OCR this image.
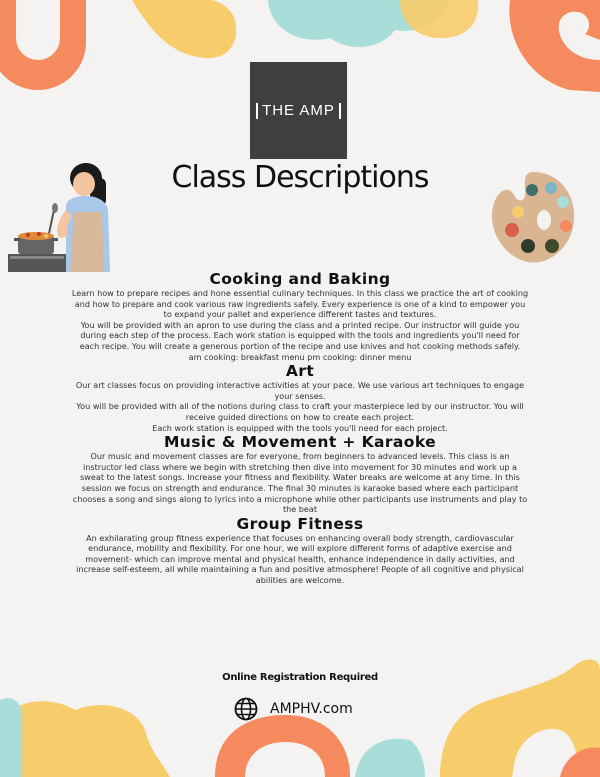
THE AMP
Class Descriptions
Cooking and Baking

Learn how to prepare recipes and hone essential culinary techniques. In this class we practice the art of cooking and how to prepare and cook various raw ingredients safely. Every experience is one of a kind to empower you to expand your pallet and experience different tastes and textures.

You will be provided with an apron to use during the class and a printed recipe. Our instructor will guide you during each step of the process. Each work station is equipped with the tools and ingredients you'll need for each recipe. You will create a generous portion of the recipe and use knives and hot cooking methods safely.

am cooking: breakfast menu pm cooking: dinner menu

Art

Our art classes focus on providing interactive activities at your pace. We use various art techniques to engage your senses.

You will be provided with all of the notions during class to craft your masterpiece led by our instructor. You will receive guided directions on how to create each project.

Each work station is equipped with the tools you'll need for each project.

Music & Movement + Karaoke

Our music and movement classes are for everyone, from beginners to advanced levels. This class is an instructor led class where we begin with stretching then dive into movement for 30 minutes and work up a sweat to the latest songs. Increase your fitness and flexibility. Water breaks are welcome at any time. In this session we focus on strength and endurance. The final 30 minutes is karaoke based where each participant chooses a song and sings along to lyrics into a microphone while other participants use instruments and play to the beat

Group Fitness

An exhilarating group fitness experience that focuses on enhancing overall body strength, cardiovascular endurance, mobility and flexibility. For one hour, we will explore different forms of adaptive exercise and movement- which can improve mental and physical health, enhance independence in daily activities, and increase self-esteem, all while maintaining a fun and positive atmosphere! People of all cognitive and physical abilities are welcome.

Online Registration Required
AMPHV.com
